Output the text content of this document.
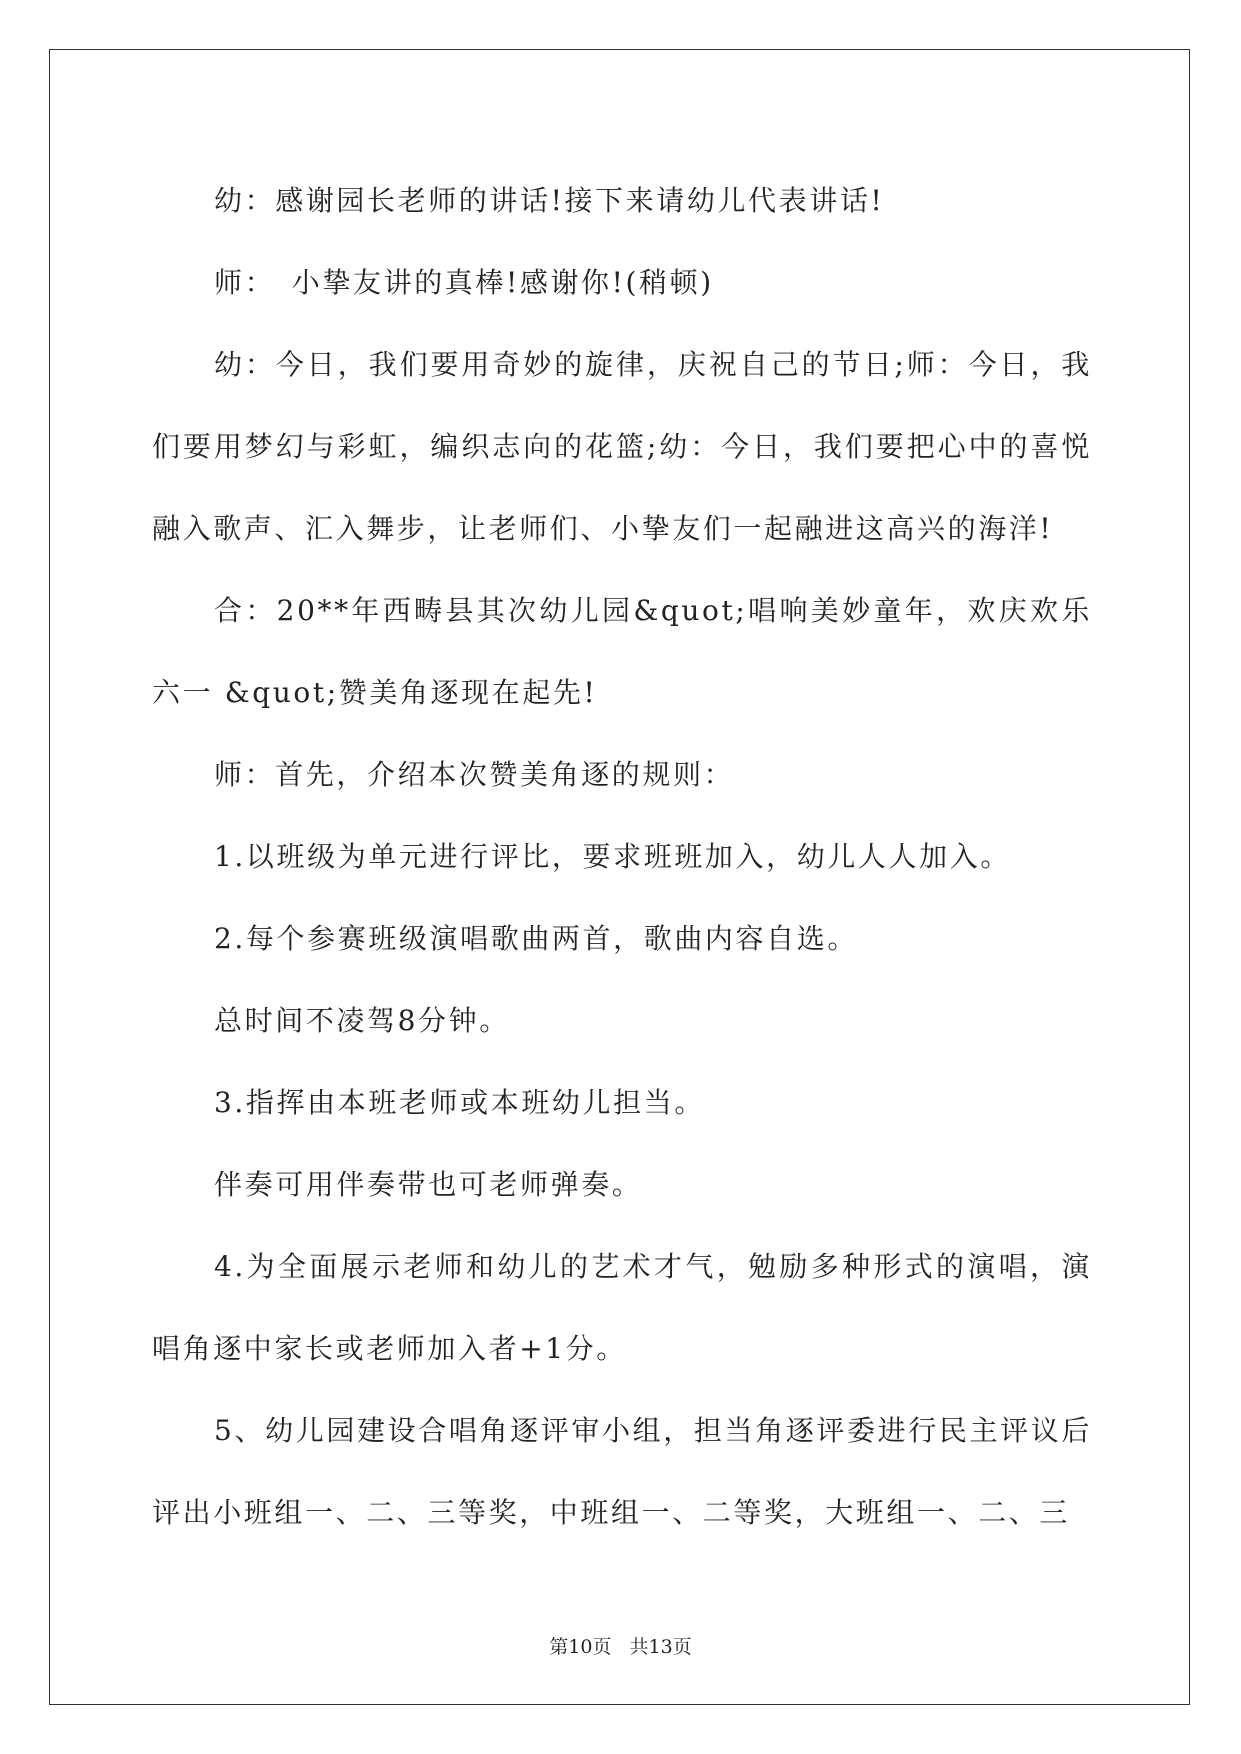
幼：感谢园长老师的讲话!接下来请幼儿代表讲话!

师：　小挚友讲的真棒!感谢你!(稍顿)

幼：今日，我们要用奇妙的旋律，庆祝自己的节日;师：今日，我们要用梦幻与彩虹，编织志向的花篮;幼：今日，我们要把心中的喜悦融入歌声、汇入舞步，让老师们、小挚友们一起融进这高兴的海洋!

合：20**年西畴县其次幼儿园&quot;唱响美妙童年，欢庆欢乐六一 &quot;赞美角逐现在起先!

师：首先，介绍本次赞美角逐的规则：

1.以班级为单元进行评比，要求班班加入，幼儿人人加入。

2.每个参赛班级演唱歌曲两首，歌曲内容自选。

总时间不凌驾8分钟。

3.指挥由本班老师或本班幼儿担当。

伴奏可用伴奏带也可老师弹奏。

4.为全面展示老师和幼儿的艺术才气，勉励多种形式的演唱，演唱角逐中家长或老师加入者+1分。

5、幼儿园建设合唱角逐评审小组，担当角逐评委进行民主评议后评出小班组一、二、三等奖，中班组一、二等奖，大班组一、二、三

第10页 共13页
